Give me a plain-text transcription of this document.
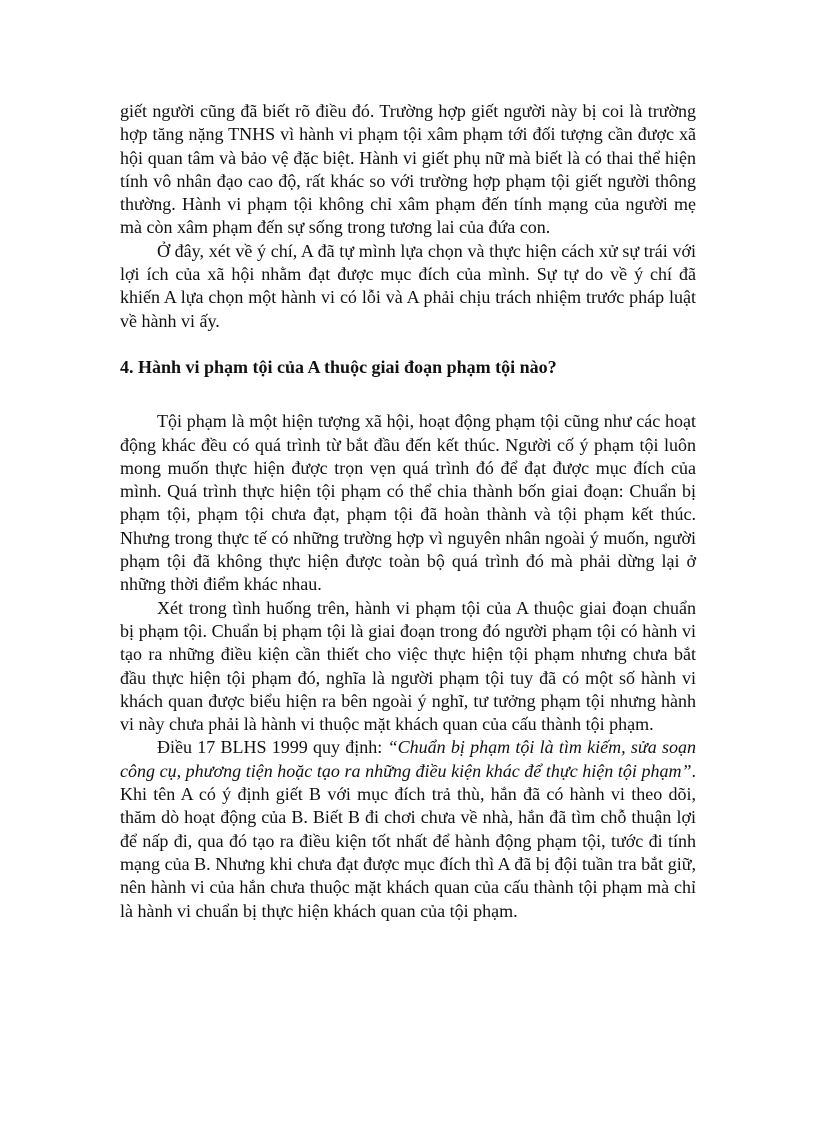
giết người cũng đã biết rõ điều đó. Trường hợp giết người này bị coi là trường hợp tăng nặng TNHS vì hành vi phạm tội xâm phạm tới đối tượng cần được xã hội quan tâm và bảo vệ đặc biệt. Hành vi giết phụ nữ mà biết là có thai thể hiện tính vô nhân đạo cao độ, rất khác so với trường hợp phạm tội giết người thông thường. Hành vi phạm tội không chỉ xâm phạm đến tính mạng của người mẹ mà còn xâm phạm đến sự sống trong tương lai của đứa con.

Ở đây, xét về ý chí, A đã tự mình lựa chọn và thực hiện cách xử sự trái với lợi ích của xã hội nhằm đạt được mục đích của mình. Sự tự do về ý chí đã khiến A lựa chọn một hành vi có lỗi và A phải chịu trách nhiệm trước pháp luật về hành vi ấy.

4. Hành vi phạm tội của A thuộc giai đoạn phạm tội nào?

Tội phạm là một hiện tượng xã hội, hoạt động phạm tội cũng như các hoạt động khác đều có quá trình từ bắt đầu đến kết thúc. Người cố ý phạm tội luôn mong muốn thực hiện được trọn vẹn quá trình đó để đạt được mục đích của mình. Quá trình thực hiện tội phạm có thể chia thành bốn giai đoạn: Chuẩn bị phạm tội, phạm tội chưa đạt, phạm tội đã hoàn thành và tội phạm kết thúc. Nhưng trong thực tế có những trường hợp vì nguyên nhân ngoài ý muốn, người phạm tội đã không thực hiện được toàn bộ quá trình đó mà phải dừng lại ở những thời điểm khác nhau.

Xét trong tình huống trên, hành vi phạm tội của A thuộc giai đoạn chuẩn bị phạm tội. Chuẩn bị phạm tội là giai đoạn trong đó người phạm tội có hành vi tạo ra những điều kiện cần thiết cho việc thực hiện tội phạm nhưng chưa bắt đầu thực hiện tội phạm đó, nghĩa là người phạm tội tuy đã có một số hành vi khách quan được biểu hiện ra bên ngoài ý nghĩ, tư tưởng phạm tội nhưng hành vi này chưa phải là hành vi thuộc mặt khách quan của cấu thành tội phạm.

Điều 17 BLHS 1999 quy định: “Chuẩn bị phạm tội là tìm kiếm, sửa soạn công cụ, phương tiện hoặc tạo ra những điều kiện khác để thực hiện tội phạm”. Khi tên A có ý định giết B với mục đích trả thù, hắn đã có hành vi theo dõi, thăm dò hoạt động của B. Biết B đi chơi chưa về nhà, hắn đã tìm chỗ thuận lợi để nấp đi, qua đó tạo ra điều kiện tốt nhất để hành động phạm tội, tước đi tính mạng của B. Nhưng khi chưa đạt được mục đích thì A đã bị đội tuần tra bắt giữ, nên hành vi của hắn chưa thuộc mặt khách quan của cấu thành tội phạm mà chỉ là hành vi chuẩn bị thực hiện khách quan của tội phạm.
